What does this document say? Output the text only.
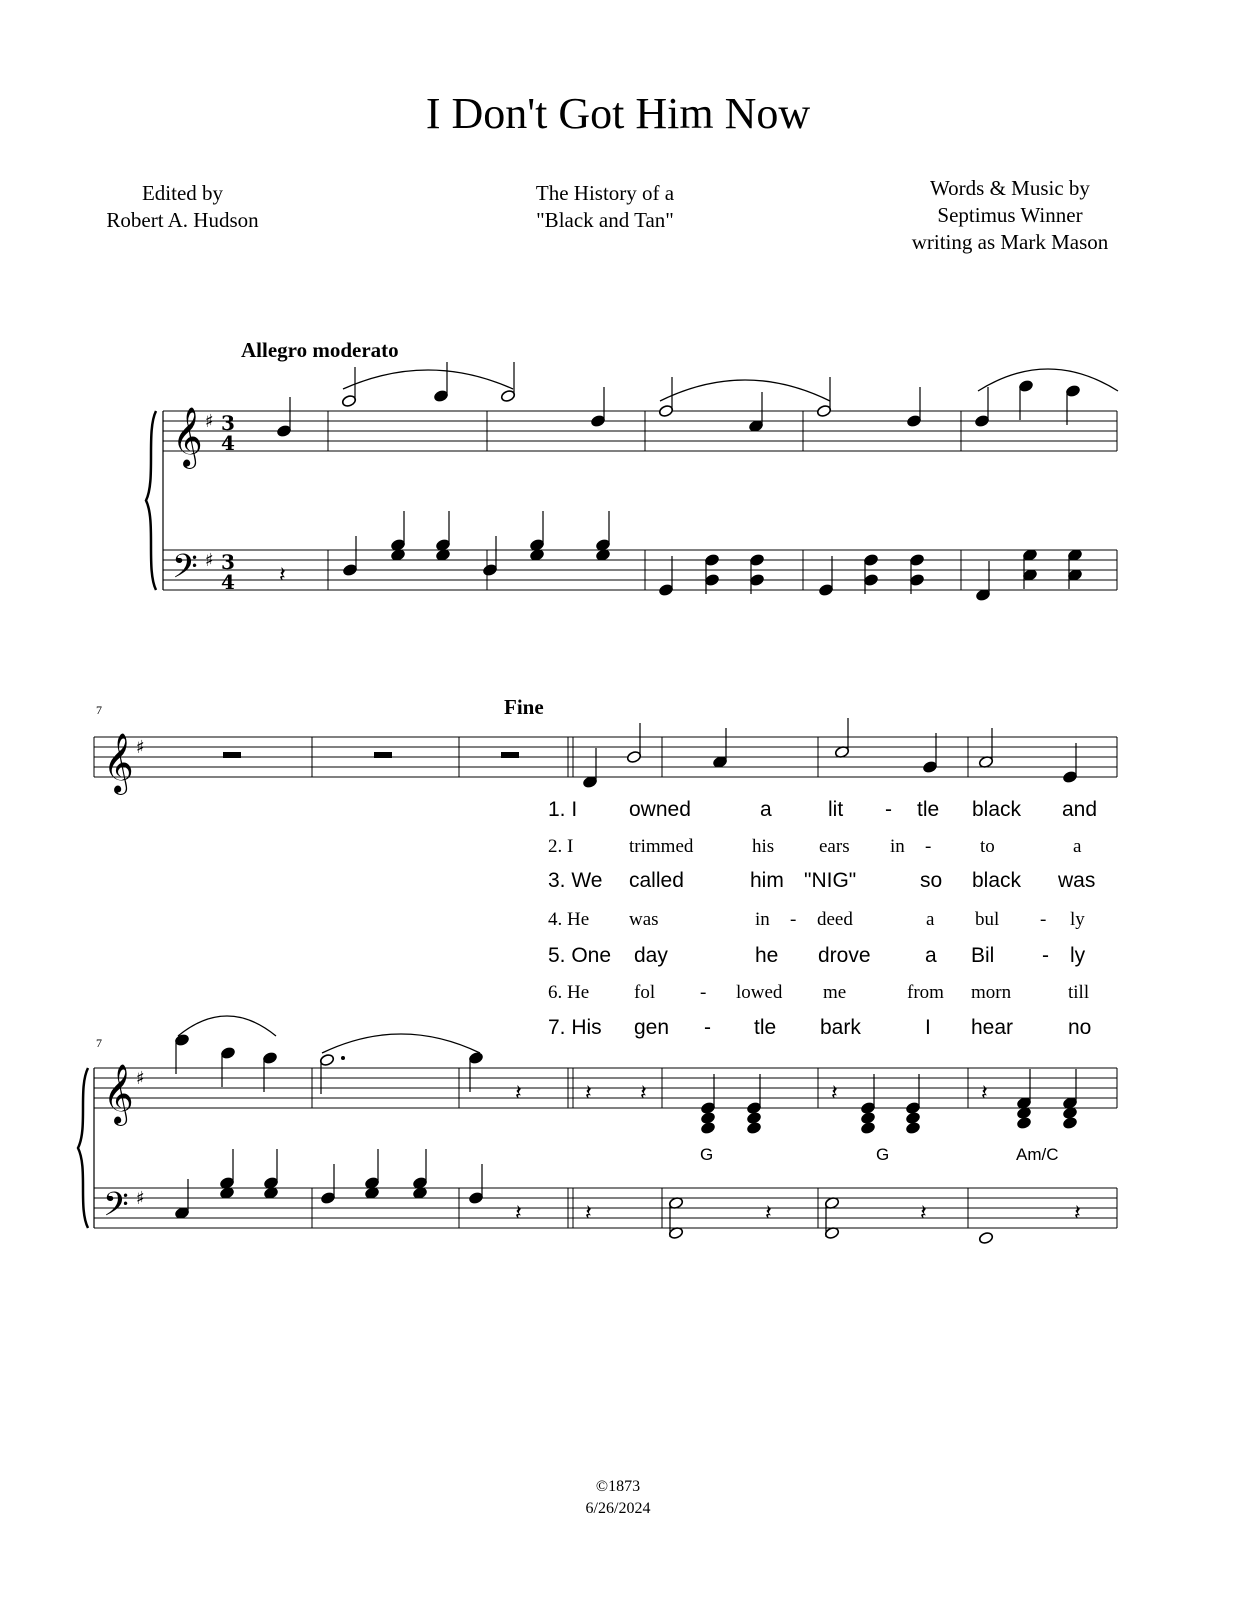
I Don't Got Him Now
Edited by
Robert A. Hudson
The History of a
"Black and Tan"
Words & Music by
Septimus Winner
writing as Mark Mason
Allegro moderato
Fine
7
7
𝄞
𝄢
♯
♯
3
4
3
4 𝄽
𝄞 ♯
𝄞
𝄢
♯
♯
𝄽	𝄽 𝄽	𝄽	𝄽
𝄽	𝄽	𝄽	𝄽	𝄽
G	G	Am/C
1. I owned	a	lit - tle black and
2. I	trimmed	his ears in -	to	a
3. We called	him "NIG"	so black was
4. He was	in - deed	a bul - ly
5. One day	he drove	a Bil - ly
6. He fol - lowed me	from morn	till
7. His gen - tle bark	I hear	no
©1873
6/26/2024
